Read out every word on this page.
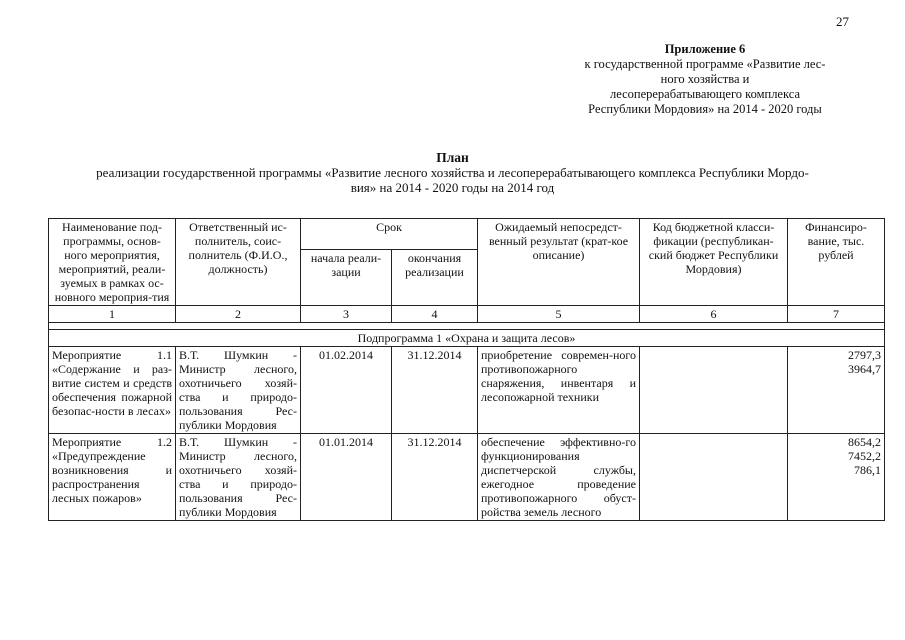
27
Приложение 6
к государственной программе «Развитие лес-
ного хозяйства и
лесоперерабатывающего комплекса
Республики Мордовия» на 2014 - 2020 годы
План
реализации государственной программы «Развитие лесного хозяйства и лесоперерабатывающего комплекса Республики Мордо-
вия» на 2014 - 2020 годы на 2014 год
Наименование под-программы, основ-ного мероприятия, мероприятий, реали-зуемых в рамках ос-новного мероприя-тия	Ответственный ис-полнитель, соис-полнитель (Ф.И.О., должность)	Срок		Ожидаемый непосредст-венный результат (крат-кое описание)	Код бюджетной класси-фикации (республикан-ский бюджет Республики Мордовия)	Финансиро-вание, тыс. рублей
		начала реали-зации	окончания реализации			
1	2	3	4	5	6	7

Подпрограмма 1 «Охрана и защита лесов»						
Мероприятие 1.1 «Содержание и раз-витие систем и средств обеспечения пожарной безопас-ности в лесах»	В.Т. Шумкин - Министр лесного, охотничьего хозяй-ства и природо-пользования Рес-публики Мордовия	01.02.2014	31.12.2014	приобретение современ-ного противопожарного снаряжения, инвентаря и лесопожарной техники		2797,3
3964,7

Мероприятие 1.2 «Предупреждение возникновения и распространения лесных пожаров»	В.Т. Шумкин - Министр лесного, охотничьего хозяй-ства и природо-пользования Рес-публики Мордовия	01.01.2014	31.12.2014	обеспечение эффективно-го функционирования диспетчерской службы, ежегодное проведение противопожарного обуст-ройства земель лесного		8654,2
7452,2
786,1
